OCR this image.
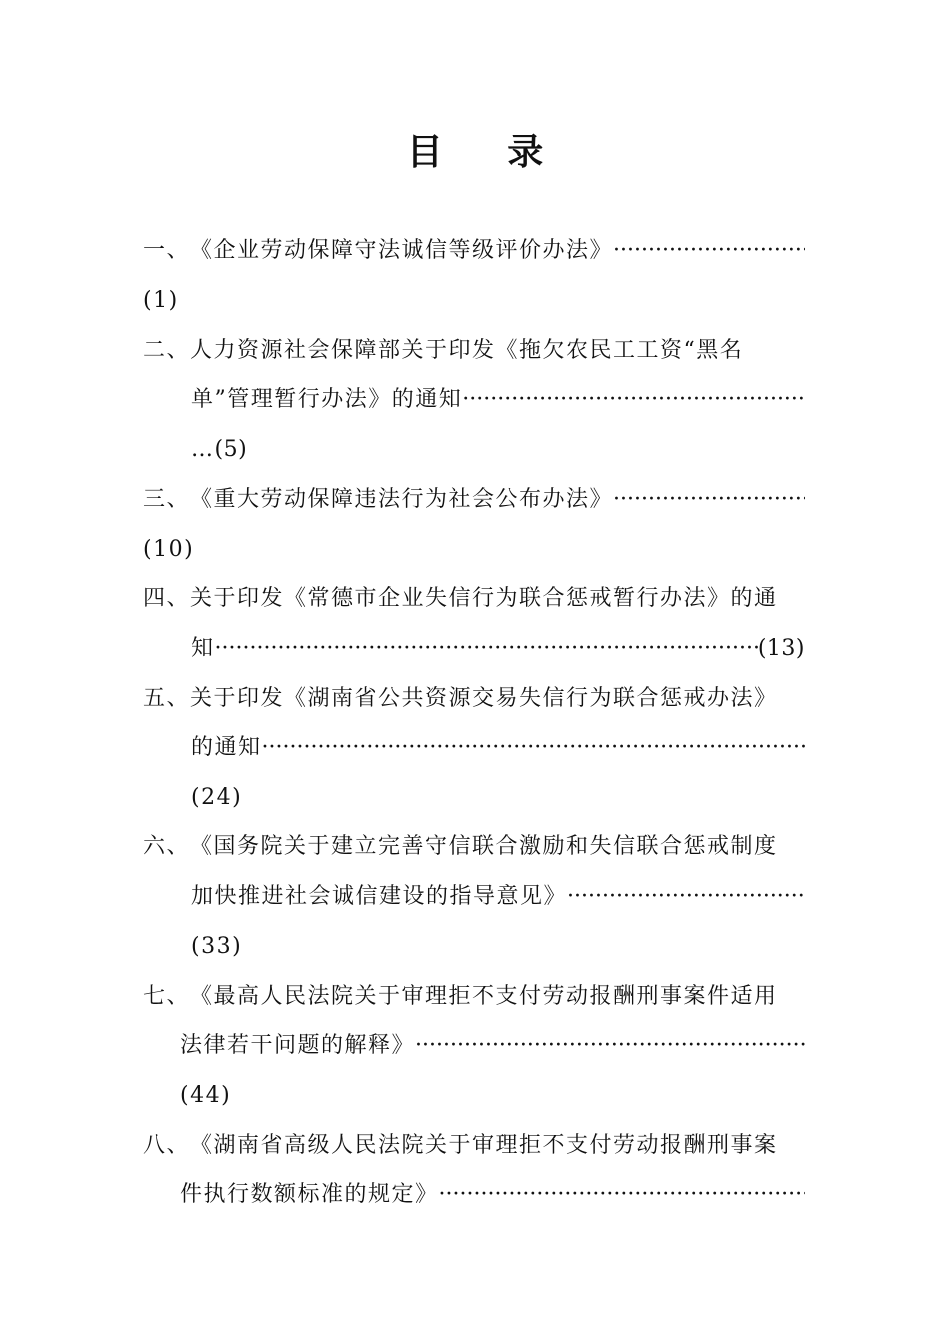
目 录
一、 《企业劳动保障守法诚信等级评价办法》
·····
(1)
二、 人力资源社会保障部关于印发《拖欠农民工工资“黑名
单”管理暂行办法》的通知
·····
… (5)
三、 《重大劳动保障违法行为社会公布办法》
·····
(10)
四、 关于印发《常德市企业失信行为联合惩戒暂行办法》的通
知
·····	(13)
五、 关于印发《湖南省公共资源交易失信行为联合惩戒办法》
的通知
·····
(24)
六、 《国务院关于建立完善守信联合激励和失信联合惩戒制度
加快推进社会诚信建设的指导意见》
·····
(33)
七、 《最高人民法院关于审理拒不支付劳动报酬刑事案件适用
法律若干问题的解释》
·····
(44)
八、 《湖南省高级人民法院关于审理拒不支付劳动报酬刑事案
件执行数额标准的规定》
·····
